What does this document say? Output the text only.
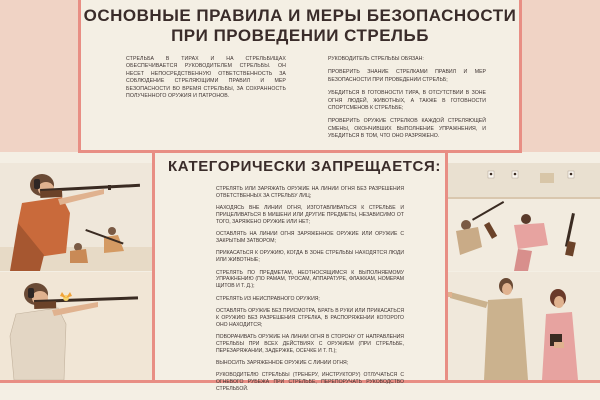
ОСНОВНЫЕ ПРАВИЛА И МЕРЫ БЕЗОПАСНОСТИ
ПРИ ПРОВЕДЕНИИ СТРЕЛЬБ
СТРЕЛЬБА В ТИРАХ И НА СТРЕЛЬБИЩАХ ОБЕСПЕЧИВАЕТСЯ РУКОВОДИТЕЛЕМ СТРЕЛЬБЫ. ОН НЕСЕТ НЕПОСРЕДСТВЕННУЮ ОТВЕТСТВЕННОСТЬ ЗА СОБЛЮДЕНИЕ СТРЕЛЯЮЩИМИ ПРАВИЛ И МЕР БЕЗОПАСНОСТИ ВО ВРЕМЯ СТРЕЛЬБЫ, ЗА СОХРАННОСТЬ ПОЛУЧЕННОГО ОРУЖИЯ И ПАТРОНОВ.

РУКОВОДИТЕЛЬ СТРЕЛЬБЫ ОБЯЗАН:

ПРОВЕРИТЬ ЗНАНИЕ СТРЕЛКАМИ ПРАВИЛ И МЕР БЕЗОПАСНОСТИ ПРИ ПРОВЕДЕНИИ СТРЕЛЬБ;

УБЕДИТЬСЯ В ГОТОВНОСТИ ТИРА, В ОТСУТСТВИИ В ЗОНЕ ОГНЯ ЛЮДЕЙ, ЖИВОТНЫХ, А ТАКЖЕ В ГОТОВНОСТИ СПОРТСМЕНОВ К СТРЕЛЬБЕ;

ПРОВЕРИТЬ ОРУЖИЕ СТРЕЛКОВ КАЖДОЙ СТРЕЛЯЮЩЕЙ СМЕНЫ, ОКОНЧИВШИХ ВЫПОЛНЕНИЕ УПРАЖНЕНИЯ, И УБЕДИТЬСЯ В ТОМ, ЧТО ОНО РАЗРЯЖЕНО.

КАТЕГОРИЧЕСКИ ЗАПРЕЩАЕТСЯ:

СТРЕЛЯТЬ ИЛИ ЗАРЯЖАТЬ ОРУЖИЕ НА ЛИНИИ ОГНЯ БЕЗ РАЗРЕШЕНИЯ ОТВЕТСТВЕННЫХ ЗА СТРЕЛЬБУ ЛИЦ;

НАХОДЯСЬ ВНЕ ЛИНИИ ОГНЯ, ИЗГОТАВЛИВАТЬСЯ К СТРЕЛЬБЕ И ПРИЦЕЛИВАТЬСЯ В МИШЕНИ ИЛИ ДРУГИЕ ПРЕДМЕТЫ, НЕЗАВИСИМО ОТ ТОГО, ЗАРЯЖЕНО ОРУЖИЕ ИЛИ НЕТ;

ОСТАВЛЯТЬ НА ЛИНИИ ОГНЯ ЗАРЯЖЕННОЕ ОРУЖИЕ ИЛИ ОРУЖИЕ С ЗАКРЫТЫМ ЗАТВОРОМ;

ПРИКАСАТЬСЯ К ОРУЖИЮ, КОГДА В ЗОНЕ СТРЕЛЬБЫ НАХОДЯТСЯ ЛЮДИ ИЛИ ЖИВОТНЫЕ;

СТРЕЛЯТЬ ПО ПРЕДМЕТАМ, НЕОТНОСЯЩИМСЯ К ВЫПОЛНЯЕМОМУ УПРАЖНЕНИЮ (ПО РАМАМ, ТРОСАМ, АППАРАТУРЕ, ФЛАЖКАМ, НОМЕРАМ ЩИТОВ И Т. Д.);

СТРЕЛЯТЬ ИЗ НЕИСПРАВНОГО ОРУЖИЯ;

ОСТАВЛЯТЬ ОРУЖИЕ БЕЗ ПРИСМОТРА, БРАТЬ В РУКИ ИЛИ ПРИКАСАТЬСЯ К ОРУЖИЮ БЕЗ РАЗРЕШЕНИЯ СТРЕЛКА, В РАСПОРЯЖЕНИИ КОТОРОГО ОНО НАХОДИТСЯ;

ПОВОРАЧИВАТЬ ОРУЖИЕ НА ЛИНИИ ОГНЯ В СТОРОНУ ОТ НАПРАВЛЕНИЯ СТРЕЛЬБЫ ПРИ ВСЕХ ДЕЙСТВИЯХ С ОРУЖИЕМ (ПРИ СТРЕЛЬБЕ, ПЕРЕЗАРЯЖАНИИ, ЗАДЕРЖКЕ, ОСЕЧКЕ И Т. П.);

ВЫНОСИТЬ ЗАРЯЖЕННОЕ ОРУЖИЕ С ЛИНИИ ОГНЯ;

РУКОВОДИТЕЛЮ СТРЕЛЬБЫ (ТРЕНЕРУ, ИНСТРУКТОРУ) ОТЛУЧАТЬСЯ С ОГНЕВОГО РУБЕЖА ПРИ СТРЕЛЬБЕ, ПЕРЕПОРУЧАТЬ РУКОВОДСТВО СТРЕЛЬБОЙ.
